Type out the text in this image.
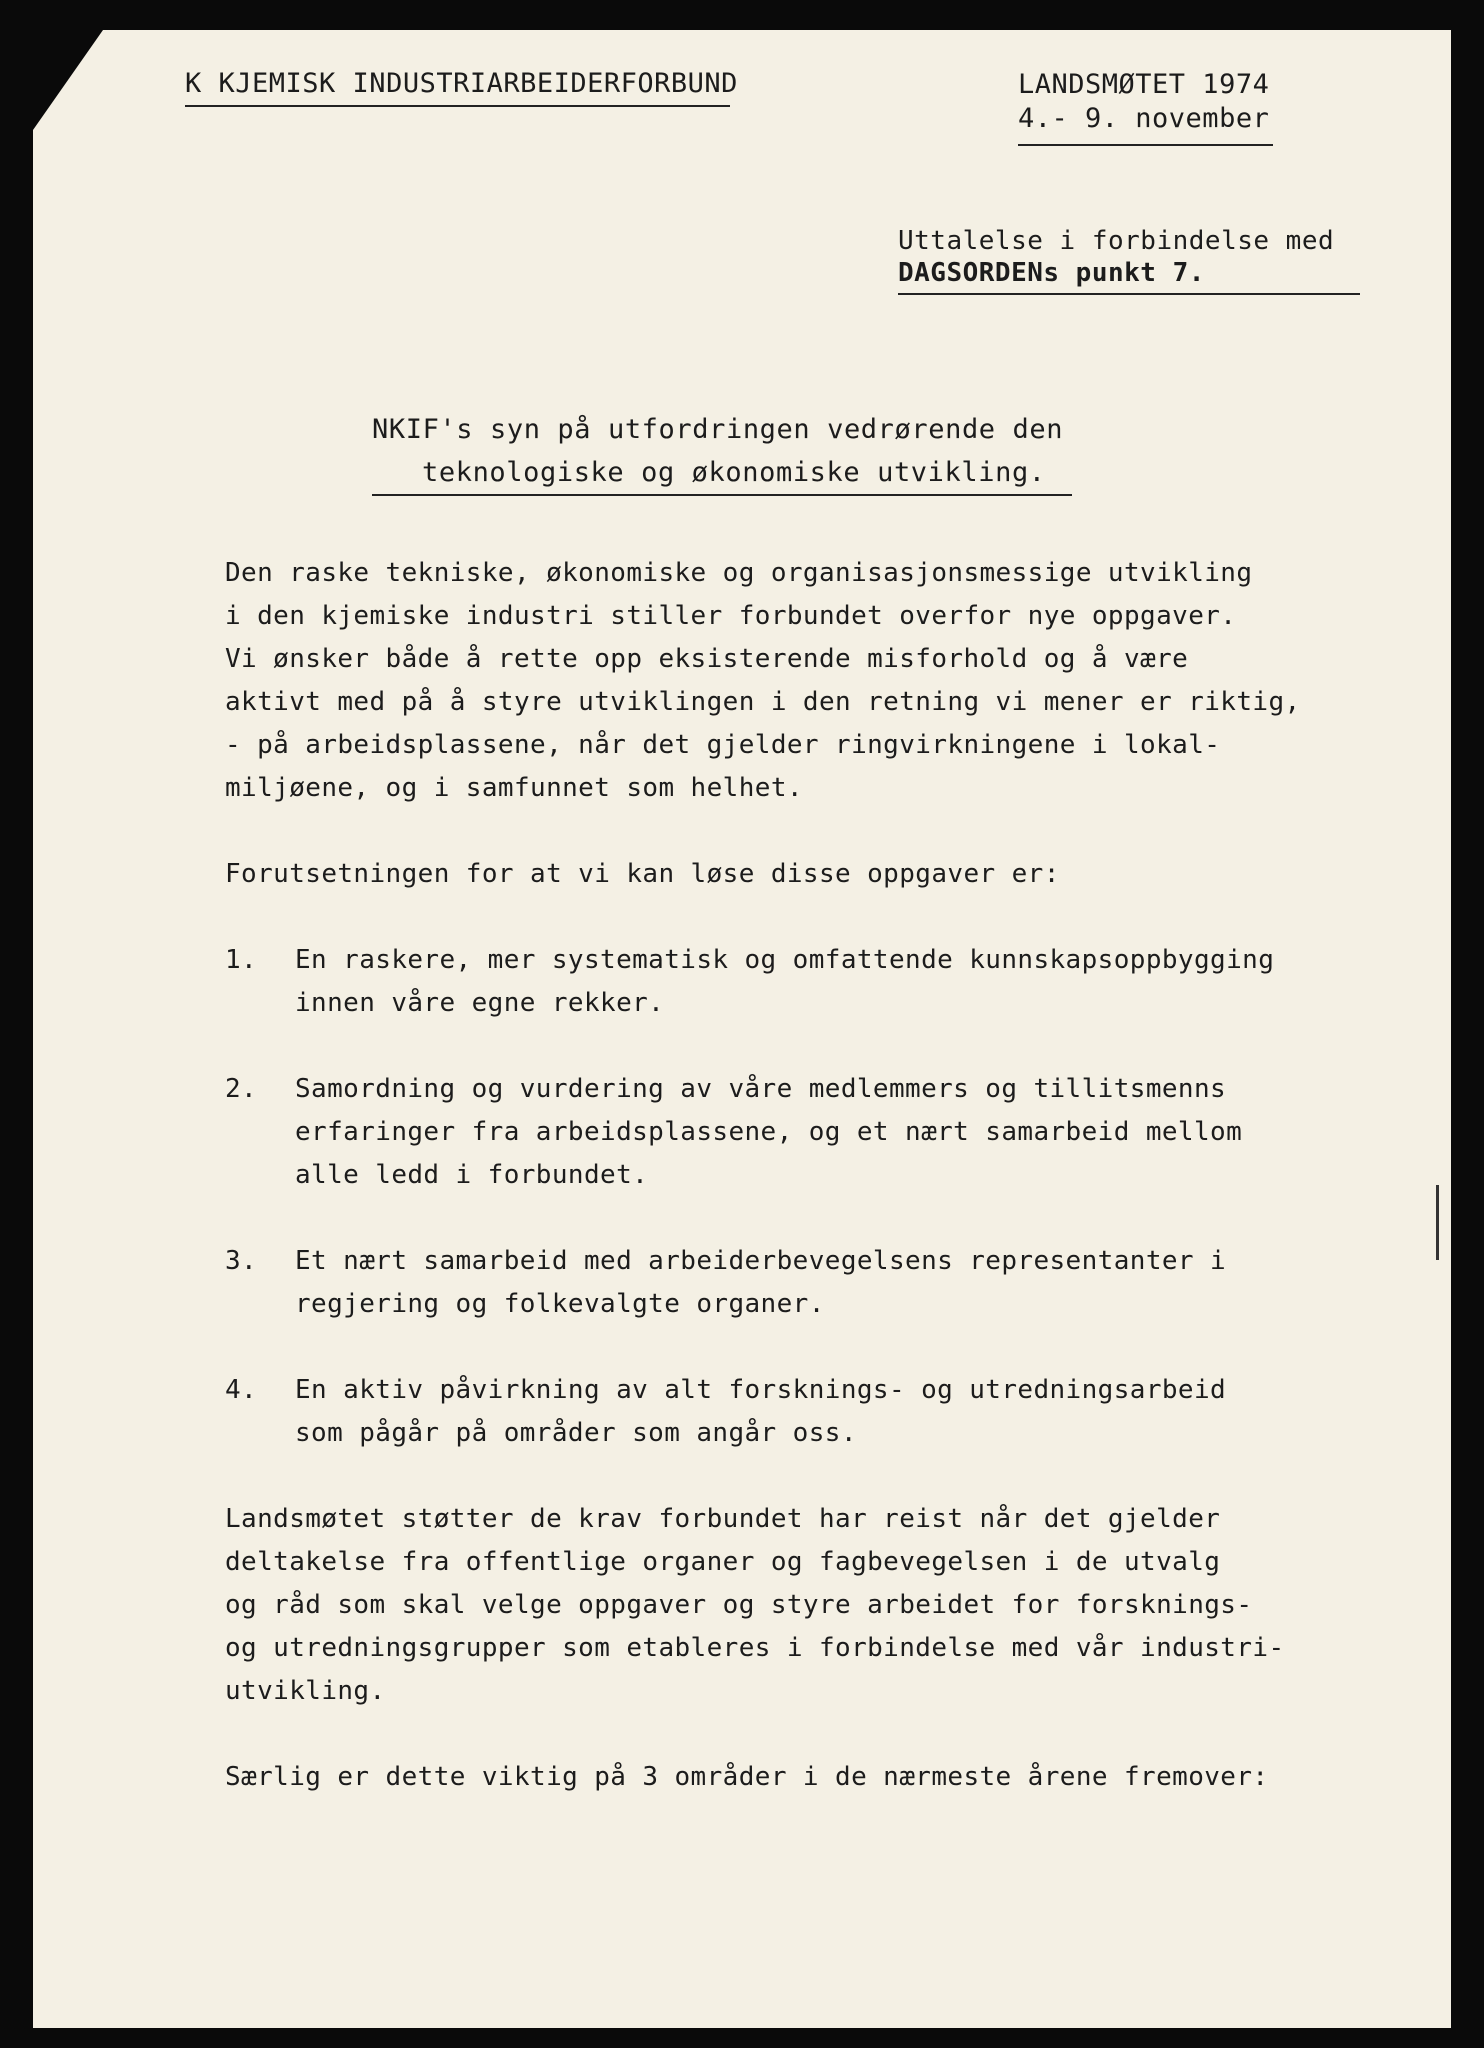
K KJEMISK INDUSTRIARBEIDERFORBUND	LANDSMØTET 1974
4.- 9. november
Uttalelse i forbindelse med
DAGSORDENs punkt 7.
NKIF's syn på utfordringen vedrørende den
teknologiske og økonomiske utvikling.
Den raske tekniske, økonomiske og organisasjonsmessige utvikling
i den kjemiske industri stiller forbundet overfor nye oppgaver.
Vi ønsker både å rette opp eksisterende misforhold og å være
aktivt med på å styre utviklingen i den retning vi mener er riktig,
- på arbeidsplassene, når det gjelder ringvirkningene i lokal-
miljøene, og i samfunnet som helhet.
Forutsetningen for at vi kan løse disse oppgaver er:
1.	En raskere, mer systematisk og omfattende kunnskapsoppbygging
innen våre egne rekker.
2.	Samordning og vurdering av våre medlemmers og tillitsmenns
erfaringer fra arbeidsplassene, og et nært samarbeid mellom
alle ledd i forbundet.
3.	Et nært samarbeid med arbeiderbevegelsens representanter i
regjering og folkevalgte organer.
4.	En aktiv påvirkning av alt forsknings- og utredningsarbeid
som pågår på områder som angår oss.
Landsmøtet støtter de krav forbundet har reist når det gjelder
deltakelse fra offentlige organer og fagbevegelsen i de utvalg
og råd som skal velge oppgaver og styre arbeidet for forsknings-
og utredningsgrupper som etableres i forbindelse med vår industri-
utvikling.
Særlig er dette viktig på 3 områder i de nærmeste årene fremover:
